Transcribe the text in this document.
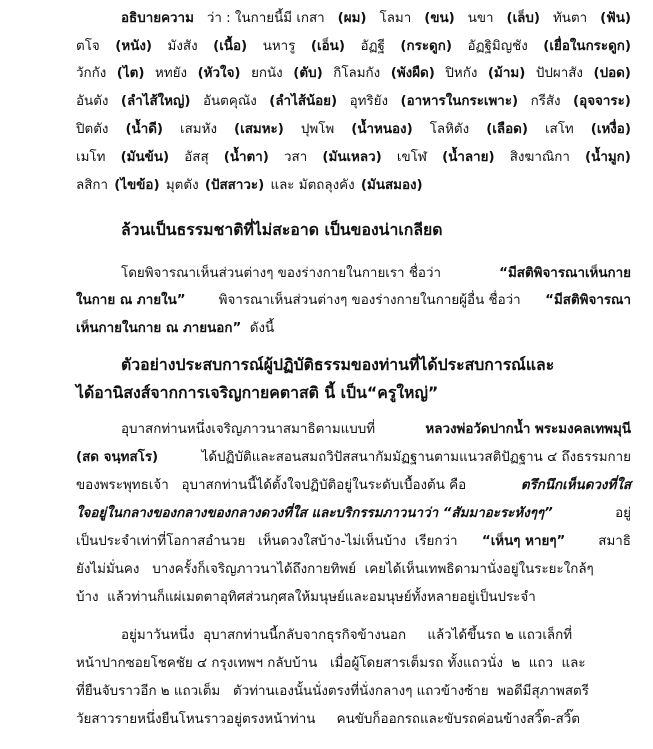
อธิบายความ ว่า : ในกายนี้มี เกสา (ผม) โลมา (ขน) นขา (เล็บ) ทันตา (ฟัน)
ตโจ (หนัง) มังสัง (เนื้อ) นหารู (เอ็น) อัฏฐี (กระดูก) อัฏฐิมิญชัง (เยื่อในกระดูก)
วักกัง (ไต) หทยัง (หัวใจ) ยกนัง (ตับ) กิโลมกัง (พังผืด) ปิหกัง (ม้าม) ปัปผาสัง (ปอด)
อันตัง (ลำไส้ใหญ่) อันตคุณัง (ลำไส้น้อย) อุทริยัง (อาหารในกระเพาะ) กรีสัง (อุจจาระ)
ปิตตัง (น้ำดี) เสมหัง (เสมหะ) ปุพโพ (น้ำหนอง) โลหิตัง (เลือด) เสโท (เหงื่อ)
เมโท (มันข้น) อัสสุ (น้ำตา) วสา (มันเหลว) เขโฬ (น้ำลาย) สิงฆาณิกา (น้ำมูก)
ลสิกา (ไขข้อ) มุตตัง (ปัสสาวะ) และ มัตถลุงคัง (มันสมอง)
ล้วนเป็นธรรมชาติที่ไม่สะอาด เป็นของน่าเกลียด
โดยพิจารณาเห็นส่วนต่างๆ ของร่างกายในกายเรา ชื่อว่า	“มีสติพิจารณาเห็นกาย
ในกาย ณ ภายใน” พิจารณาเห็นส่วนต่างๆ ของร่างกายในกายผู้อื่น ชื่อว่า “มีสติพิจารณา
เห็นกายในกาย ณ ภายนอก” ดังนี้
ตัวอย่างประสบการณ์ผู้ปฏิบัติธรรมของท่านที่ได้ประสบการณ์และ
ได้อานิสงส์จากการเจริญกายคตาสติ นี้ เป็น “ครูใหญ่”
อุบาสกท่านหนึ่งเจริญภาวนาสมาธิตามแบบที่	หลวงพ่อวัดปากน้ำ พระมงคลเทพมุนี
(สด จนฺทสโร)	ได้ปฏิบัติและสอนสมถวิปัสสนากัมมัฏฐานตามแนวสติปัฏฐาน ๔ ถึงธรรมกาย
ของพระพุทธเจ้า   อุบาสกท่านนี้ได้ตั้งใจปฏิบัติอยู่ในระดับเบื้องต้น คือ	ตรึกนึกเห็นดวงที่ใส
ใจอยู่ในกลางของกลางของกลางดวงที่ใส และบริกรรมภาวนาว่า “สัมมาอะระหังๆๆ”	อยู่
เป็นประจำเท่าที่โอกาสอำนวย   เห็นดวงใสบ้าง-ไม่เห็นบ้าง  เรียกว่า “เห็นๆ หายๆ” สมาธิ
ยังไม่มั่นคง   บางครั้งก็เจริญภาวนาได้ถึงกายทิพย์  เคยได้เห็นเทพธิดามานั่งอยู่ในระยะใกล้ๆ
บ้าง  แล้วท่านก็แผ่เมตตาอุทิศส่วนกุศลให้มนุษย์และอมนุษย์ทั้งหลายอยู่เป็นประจำ
อยู่มาวันหนึ่ง  อุบาสกท่านนี้กลับจากธุรกิจข้างนอก     แล้วได้ขึ้นรถ ๒ แถวเล็กที่
หน้าปากซอยโชคชัย ๔ กรุงเทพฯ กลับบ้าน   เมื่อผู้โดยสารเต็มรถ ทั้งแถวนั่ง  ๒  แถว  และ
ที่ยืนจับราวอีก ๒ แถวเต็ม   ตัวท่านเองนั้นนั่งตรงที่นั่งกลางๆ แถวข้างซ้าย  พอดีมีสุภาพสตรี
วัยสาวรายหนึ่งยืนโหนราวอยู่ตรงหน้าท่าน     คนขับก็ออกรถและขับรถค่อนข้างสวิ๊ต-สวิ๊ต
